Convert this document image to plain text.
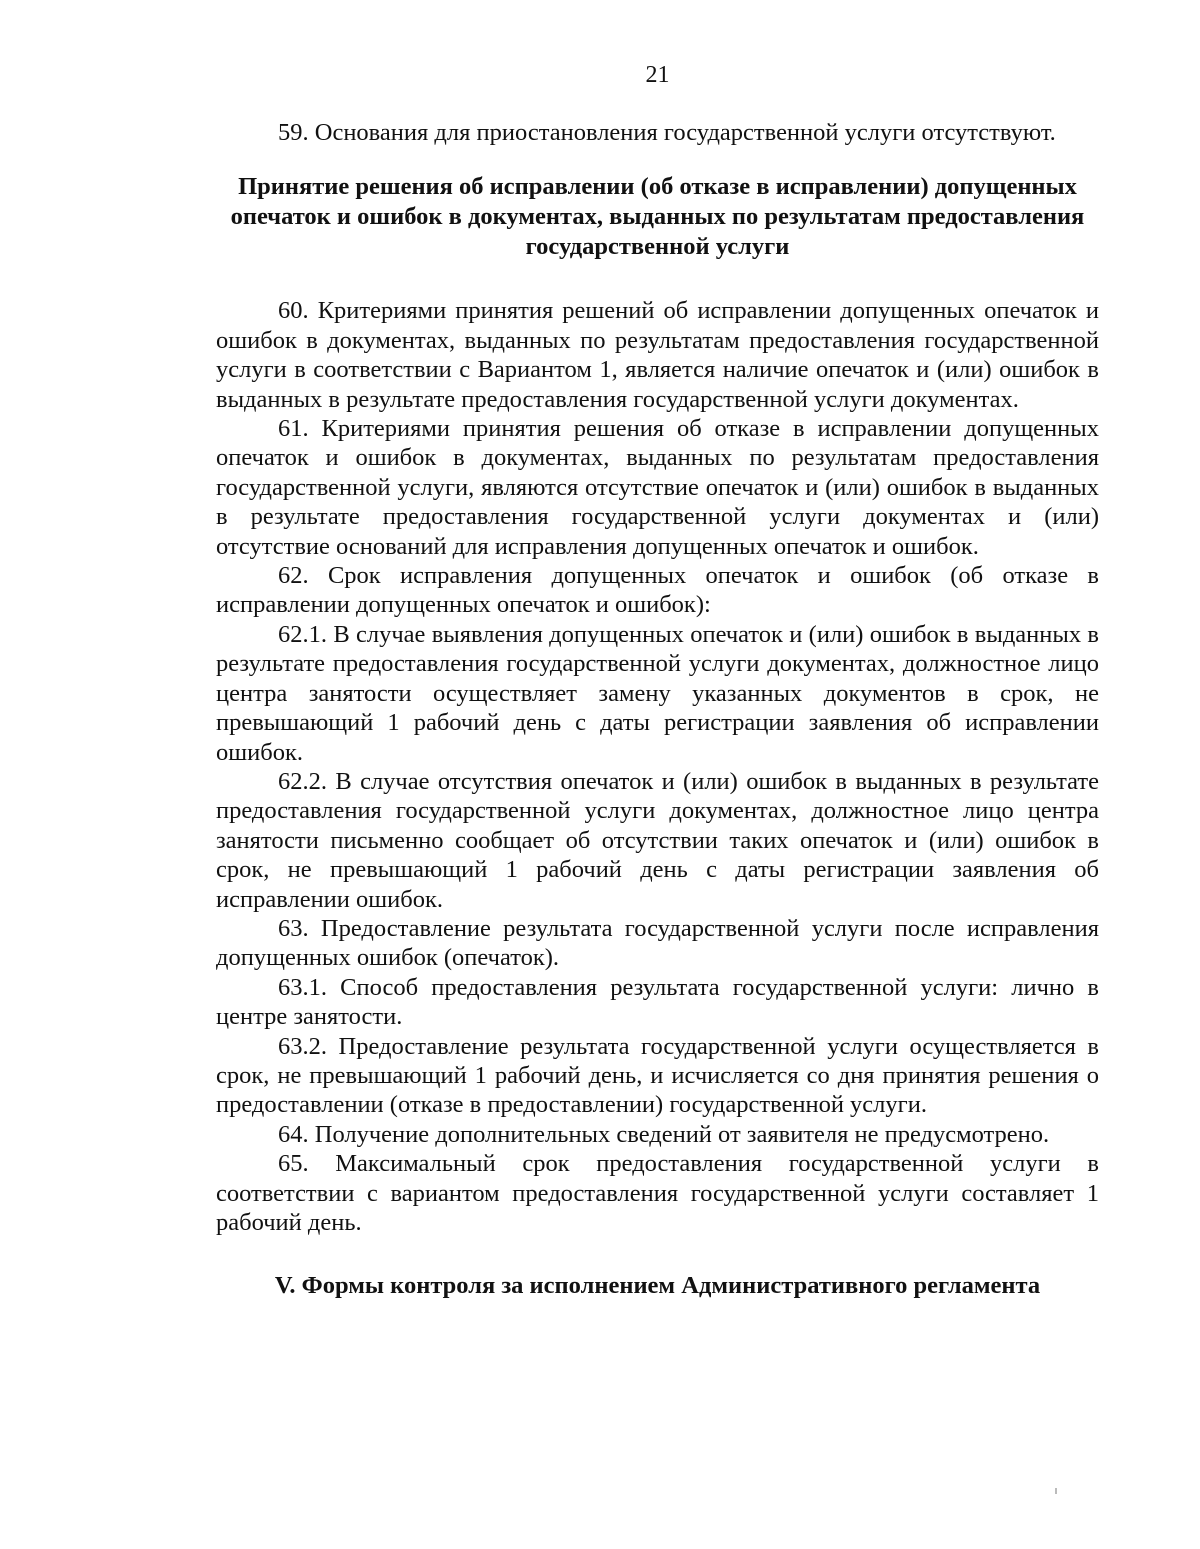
21

59. Основания для приостановления государственной услуги отсутствуют.

Принятие решения об исправлении (об отказе в исправлении) допущенных опечаток и ошибок в документах, выданных по результатам предоставления государственной услуги

60. Критериями принятия решений об исправлении допущенных опечаток и ошибок в документах, выданных по результатам предоставления государственной услуги в соответствии с Вариантом 1, является наличие опечаток и (или) ошибок в выданных в результате предоставления государственной услуги документах.

61. Критериями принятия решения об отказе в исправлении допущенных опечаток и ошибок в документах, выданных по результатам предоставления государственной услуги, являются отсутствие опечаток и (или) ошибок в выданных в результате предоставления государственной услуги документах и (или) отсутствие оснований для исправления допущенных опечаток и ошибок.

62. Срок исправления допущенных опечаток и ошибок (об отказе в исправлении допущенных опечаток и ошибок):

62.1. В случае выявления допущенных опечаток и (или) ошибок в выданных в результате предоставления государственной услуги документах, должностное лицо центра занятости осуществляет замену указанных документов в срок, не превышающий 1 рабочий день с даты регистрации заявления об исправлении ошибок.

62.2. В случае отсутствия опечаток и (или) ошибок в выданных в результате предоставления государственной услуги документах, должностное лицо центра занятости письменно сообщает об отсутствии таких опечаток и (или) ошибок в срок, не превышающий 1 рабочий день с даты регистрации заявления об исправлении ошибок.

63. Предоставление результата государственной услуги после исправления допущенных ошибок (опечаток).

63.1. Способ предоставления результата государственной услуги: лично в центре занятости.

63.2. Предоставление результата государственной услуги осуществляется в срок, не превышающий 1 рабочий день, и исчисляется со дня принятия решения о предоставлении (отказе в предоставлении) государственной услуги.

64. Получение дополнительных сведений от заявителя не предусмотрено.

65. Максимальный срок предоставления государственной услуги в соответствии с вариантом предоставления государственной услуги составляет 1 рабочий день.

V. Формы контроля за исполнением Административного регламента
